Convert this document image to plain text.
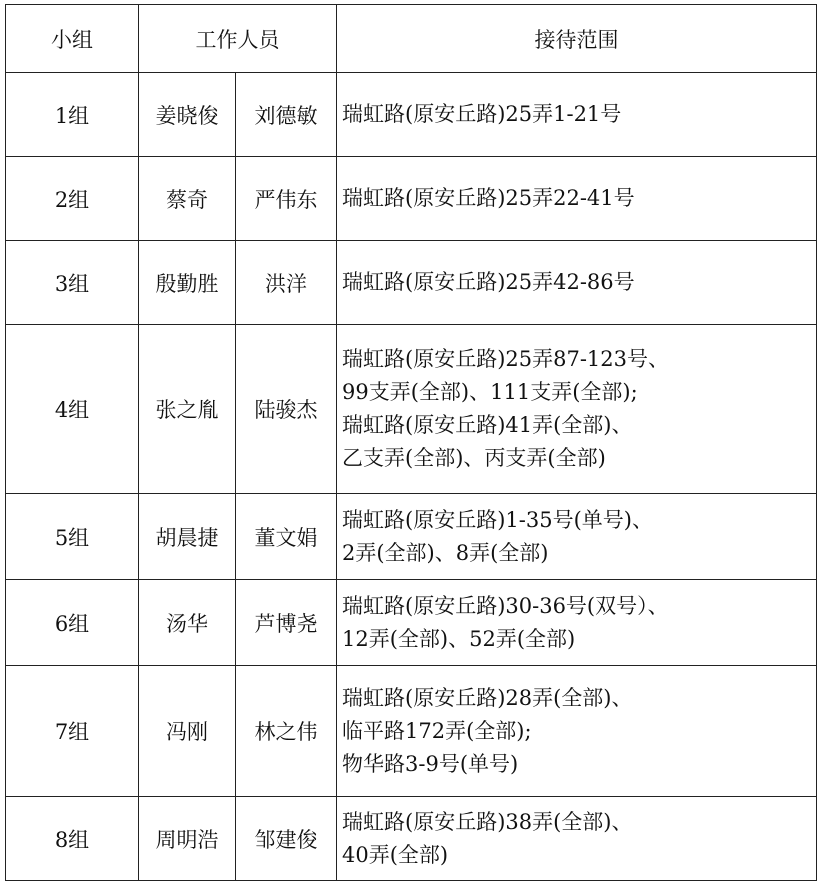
小组	工作人员		接待范围
1组	姜晓俊	刘德敏	瑞虹路(原安丘路)25弄1-21号

2组	蔡奇	严伟东	瑞虹路(原安丘路)25弄22-41号

3组	殷勤胜	洪洋	瑞虹路(原安丘路)25弄42-86号

4组	张之胤	陆骏杰	瑞虹路(原安丘路)25弄87-123号、
99支弄(全部)、111支弄(全部);
瑞虹路(原安丘路)41弄(全部)、
乙支弄(全部)、丙支弄(全部)

5组	胡晨捷	董文娟	瑞虹路(原安丘路)1-35号(单号)、
2弄(全部)、8弄(全部)

6组	汤华	芦博尧	瑞虹路(原安丘路)30-36号(双号）、
12弄(全部)、52弄(全部)

7组	冯刚	林之伟	瑞虹路(原安丘路)28弄(全部)、
临平路172弄(全部);
物华路3-9号(单号)

8组	周明浩	邹建俊	瑞虹路(原安丘路)38弄(全部)、
40弄(全部)
